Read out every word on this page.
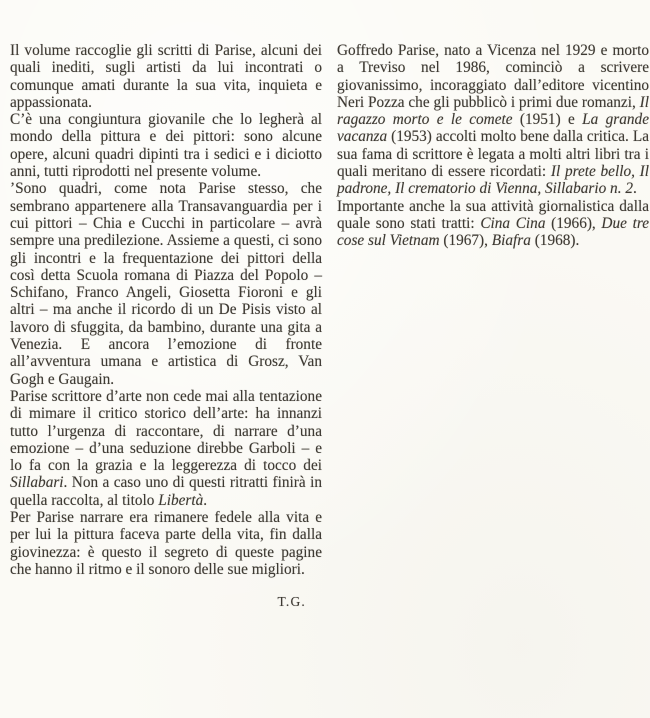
Il volume raccoglie gli scritti di Parise, alcuni dei quali inediti, sugli artisti da lui incontrati o comunque amati durante la sua vita, inquieta e appassionata.

C’è una congiuntura giovanile che lo legherà al mondo della pittura e dei pittori: sono alcune opere, alcuni quadri dipinti tra i sedici e i diciotto anni, tutti riprodotti nel presente volume.

’Sono quadri, come nota Parise stesso, che sembrano appartenere alla Transavanguardia per i cui pittori – Chia e Cucchi in particolare – avrà sempre una predilezione. Assieme a questi, ci sono gli incontri e la frequentazione dei pittori della così detta Scuola romana di Piazza del Popolo – Schifano, Franco Angeli, Giosetta Fioroni e gli altri – ma anche il ricordo di un De Pisis visto al lavoro di sfuggita, da bambino, durante una gita a Venezia. E ancora l’emozione di fronte all’avventura umana e artistica di Grosz, Van Gogh e Gaugain.

Parise scrittore d’arte non cede mai alla tentazione di mimare il critico storico dell’arte: ha innanzi tutto l’urgenza di raccontare, di narrare d’una emozione – d’una seduzione direbbe Garboli – e lo fa con la grazia e la leggerezza di tocco dei Sillabari. Non a caso uno di questi ritratti finirà in quella raccolta, al titolo Libertà.

Per Parise narrare era rimanere fedele alla vita e per lui la pittura faceva parte della vita, fin dalla giovinezza: è questo il segreto di queste pagine che hanno il ritmo e il sonoro delle sue migliori.

T.G.

Goffredo Parise, nato a Vicenza nel 1929 e morto a Treviso nel 1986, cominciò a scrivere giovanissimo, incoraggiato dall’editore vicentino Neri Pozza che gli pubblicò i primi due romanzi, Il ragazzo morto e le comete (1951) e La grande vacanza (1953) accolti molto bene dalla critica. La sua fama di scrittore è legata a molti altri libri tra i quali meritano di essere ricordati: Il prete bello, Il padrone, Il crematorio di Vienna, Sillabario n. 2.

Importante anche la sua attività giornalistica dalla quale sono stati tratti: Cina Cina (1966), Due tre cose sul Vietnam (1967), Biafra (1968).
